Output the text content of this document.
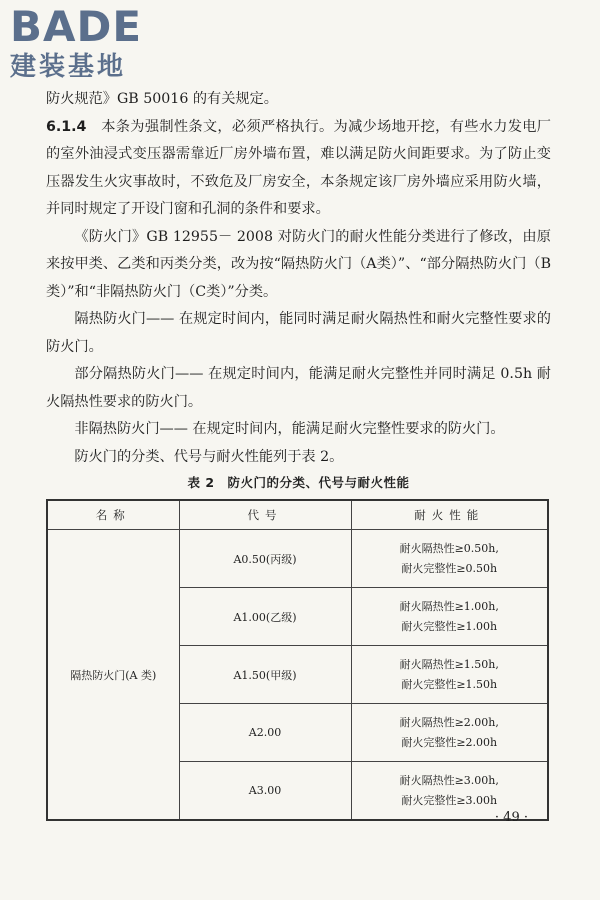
BADE
建装基地

防火规范》GB 50016 的有关规定。

6.1.4　 本条为强制性条文，必须严格执行。为减少场地开挖，有些水力发电厂的室外油浸式变压器需靠近厂房外墙布置，难以满足防火间距要求。为了防止变压器发生火灾事故时，不致危及厂房安全，本条规定该厂房外墙应采用防火墙，并同时规定了开设门窗和孔洞的条件和要求。

《防火门》GB 12955－ 2008 对防火门的耐火性能分类进行了修改，由原来按甲类、乙类和丙类分类，改为按“隔热防火门（A类）”、“部分隔热防火门（B类）”和“非隔热防火门（C类）”分类。

隔热防火门—— 在规定时间内，能同时满足耐火隔热性和耐火完整性要求的防火门。

部分隔热防火门—— 在规定时间内，能满足耐火完整性并同时满足 0.5h 耐火隔热性要求的防火门。

非隔热防火门—— 在规定时间内，能满足耐火完整性要求的防火门。

防火门的分类、代号与耐火性能列于表 2。

表 2　防火门的分类、代号与耐火性能
名称	代号	耐火性能
隔热防火门(A 类)	A0.50(丙级)	耐火隔热性≥0.50h,
耐火完整性≥0.50h

	A1.00(乙级)	耐火隔热性≥1.00h,
耐火完整性≥1.00h

	A1.50(甲级)	耐火隔热性≥1.50h,
耐火完整性≥1.50h

	A2.00	耐火隔热性≥2.00h,
耐火完整性≥2.00h

	A3.00	耐火隔热性≥3.00h,
耐火完整性≥3.00h
· 49 ·
